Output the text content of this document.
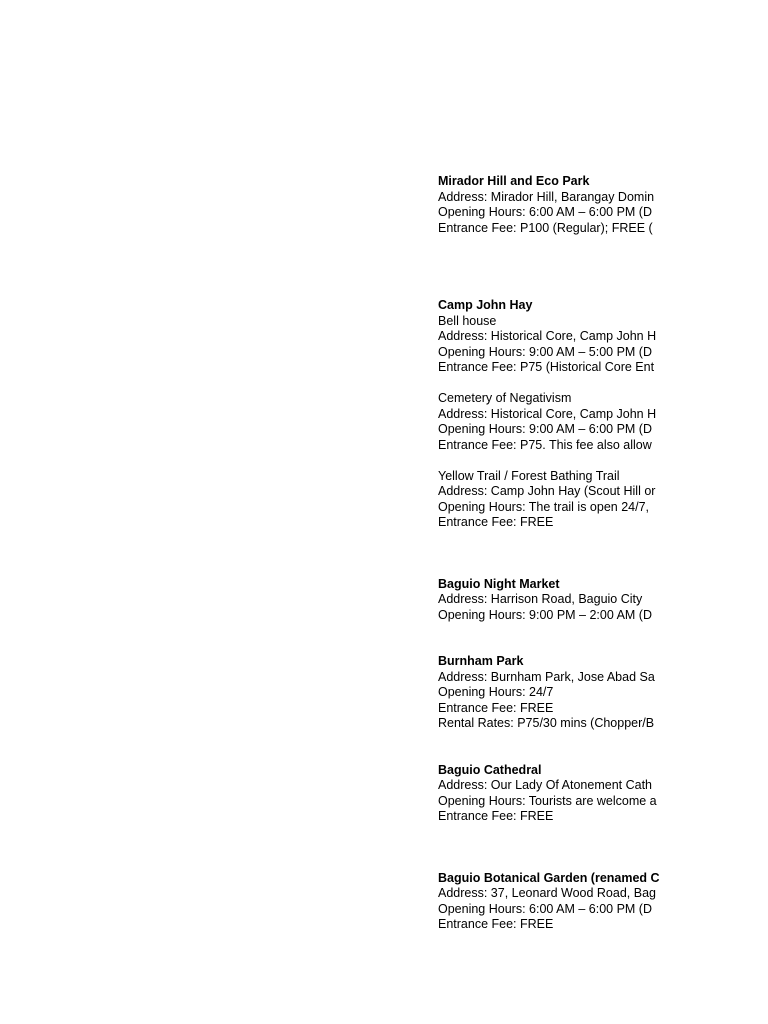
Mirador Hill and Eco Park
Address: Mirador Hill, Barangay Domin
Opening Hours: 6:00 AM – 6:00 PM (D
Entrance Fee: P100 (Regular); FREE (
Camp John Hay
Bell house
Address: Historical Core, Camp John H
Opening Hours: 9:00 AM – 5:00 PM (D
Entrance Fee: P75 (Historical Core Ent
Cemetery of Negativism
Address: Historical Core, Camp John H
Opening Hours: 9:00 AM – 6:00 PM (D
Entrance Fee: P75. This fee also allow
Yellow Trail / Forest Bathing Trail
Address: Camp John Hay (Scout Hill or
Opening Hours: The trail is open 24/7,
Entrance Fee: FREE
Baguio Night Market
Address: Harrison Road, Baguio City
Opening Hours: 9:00 PM – 2:00 AM (D
Burnham Park
Address: Burnham Park, Jose Abad Sa
Opening Hours: 24/7
Entrance Fee: FREE
Rental Rates: P75/30 mins (Chopper/B
Baguio Cathedral
Address: Our Lady Of Atonement Cath
Opening Hours: Tourists are welcome a
Entrance Fee: FREE
Baguio Botanical Garden (renamed C
Address: 37, Leonard Wood Road, Bag
Opening Hours: 6:00 AM – 6:00 PM (D
Entrance Fee: FREE
